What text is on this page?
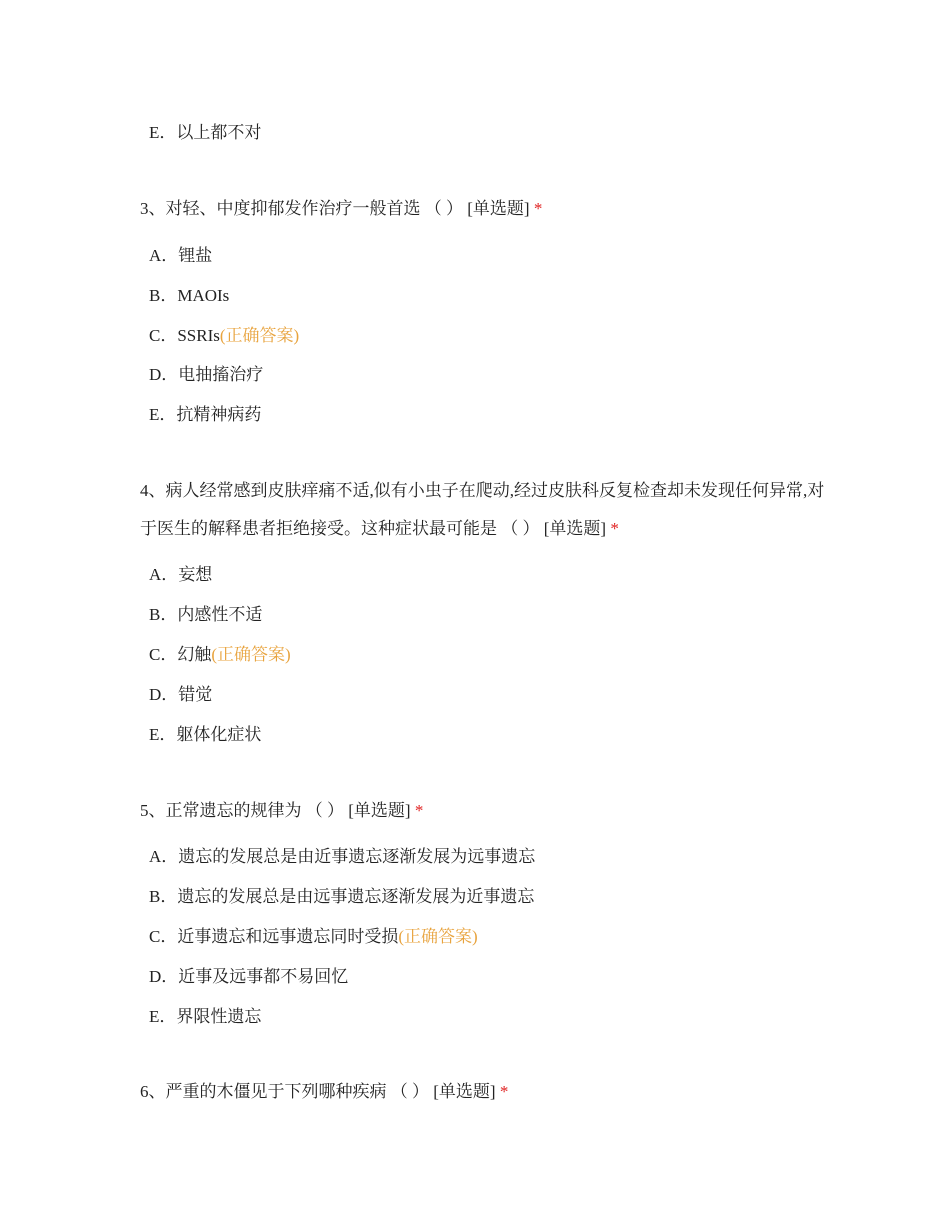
E．以上都不对
3、对轻、中度抑郁发作治疗一般首选 （ ） [单选题] *
A．锂盐
B．MAOIs
C．SSRIs(正确答案)
D．电抽搐治疗
E．抗精神病药
4、病人经常感到皮肤痒痛不适,似有小虫子在爬动,经过皮肤科反复检查却未发现任何异常,对于医生的解释患者拒绝接受。这种症状最可能是 （ ） [单选题] *
A．妄想
B．内感性不适
C．幻触(正确答案)
D．错觉
E．躯体化症状
5、正常遗忘的规律为 （ ） [单选题] *
A．遗忘的发展总是由近事遗忘逐渐发展为远事遗忘
B．遗忘的发展总是由远事遗忘逐渐发展为近事遗忘
C．近事遗忘和远事遗忘同时受损(正确答案)
D．近事及远事都不易回忆
E．界限性遗忘
6、严重的木僵见于下列哪种疾病 （ ） [单选题] *
